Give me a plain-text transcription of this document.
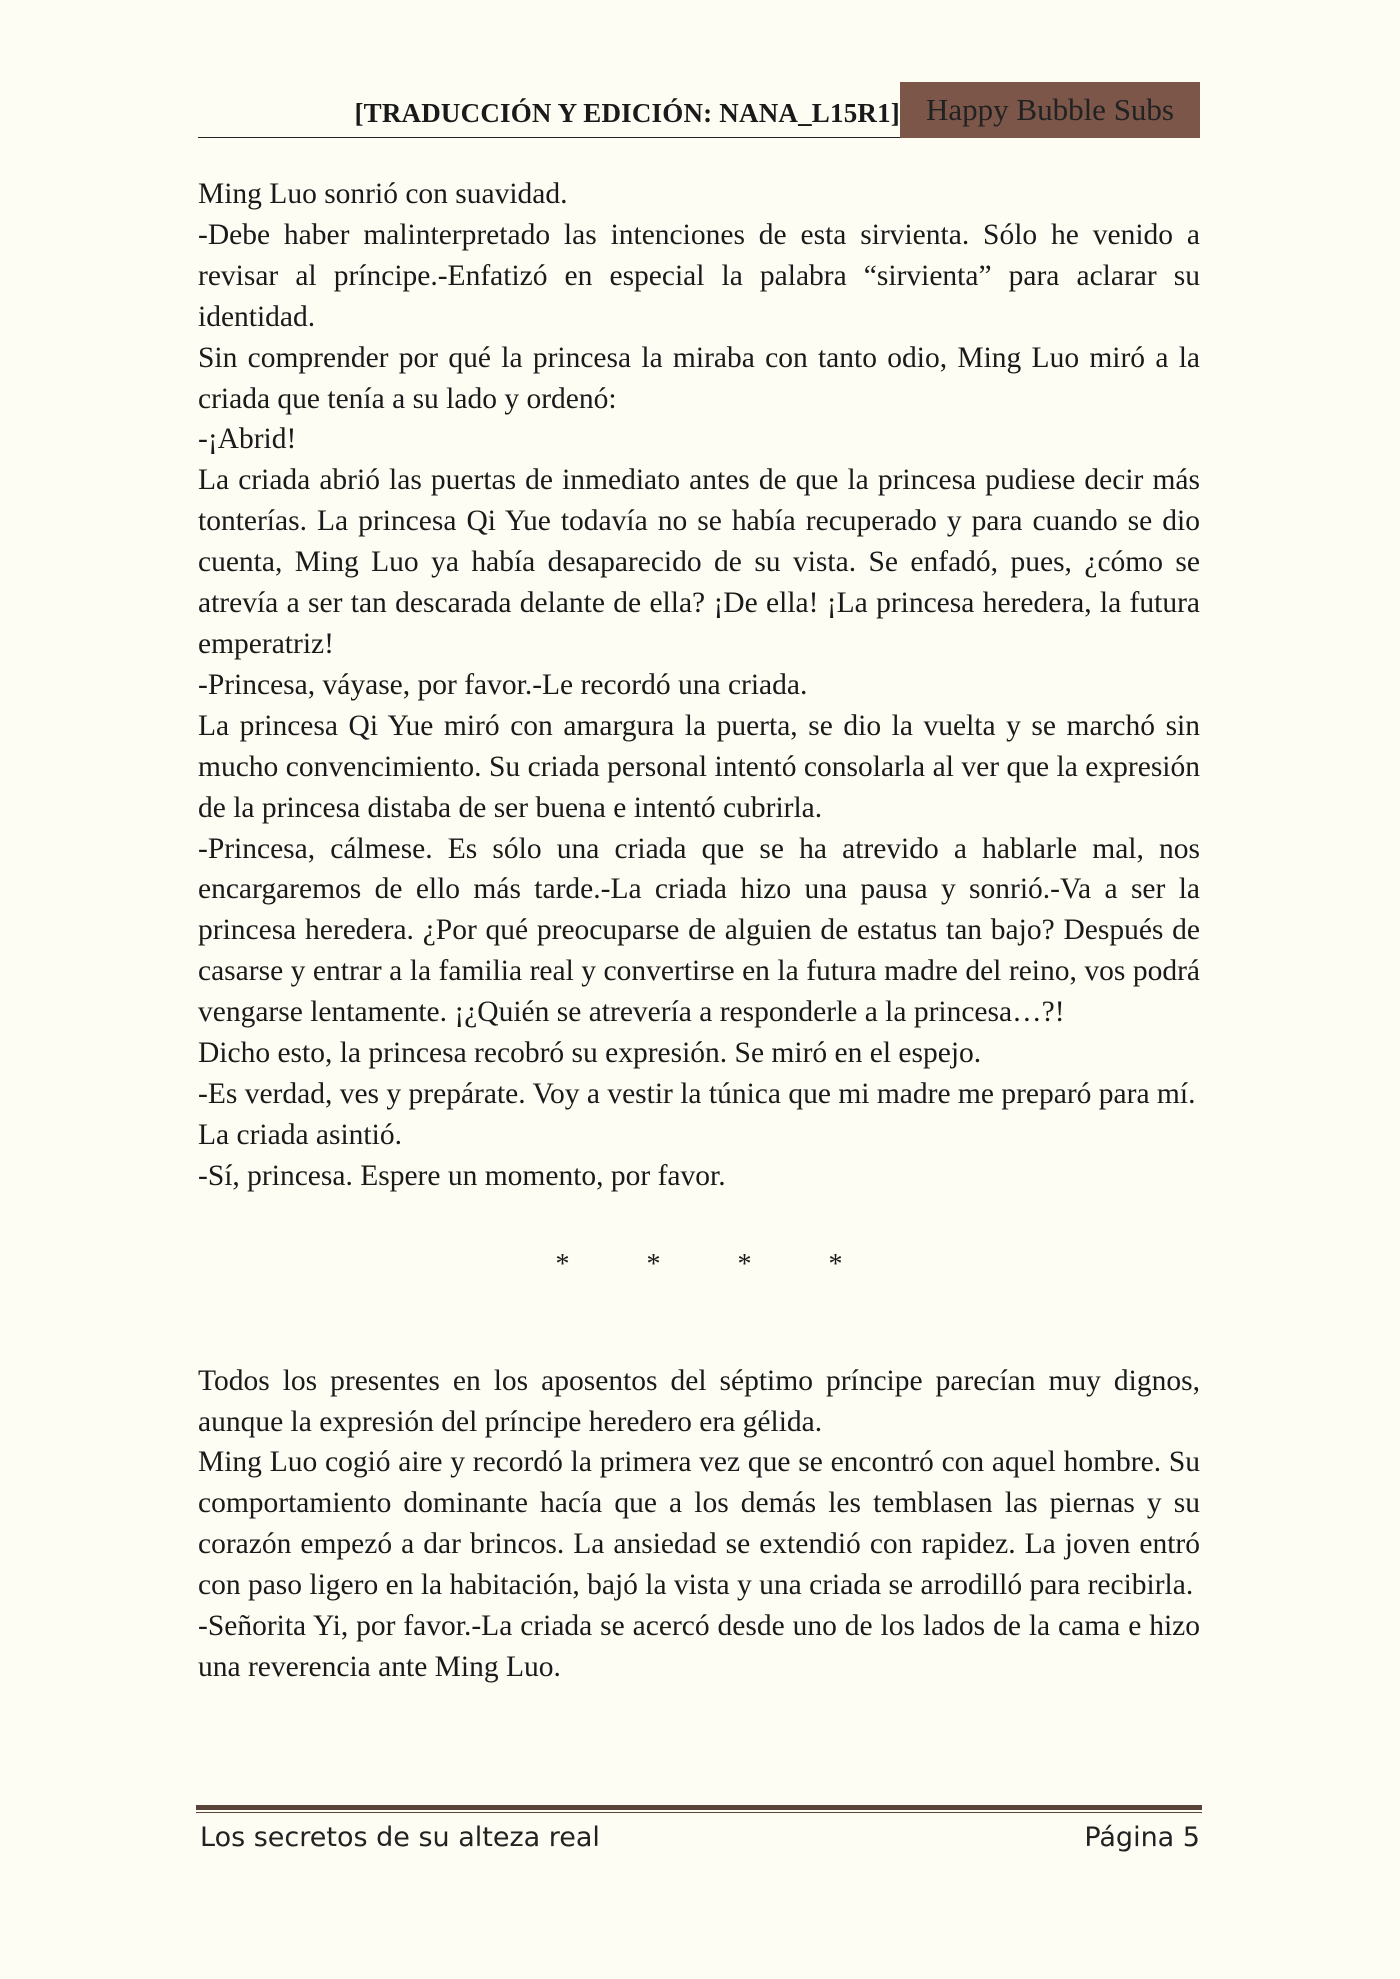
[TRADUCCIÓN Y EDICIÓN: NANA_L15R1] Happy Bubble Subs

Ming Luo sonrió con suavidad.

-Debe haber malinterpretado las intenciones de esta sirvienta. Sólo he venido a revisar al príncipe.-Enfatizó en especial la palabra “sirvienta” para aclarar su identidad.

Sin comprender por qué la princesa la miraba con tanto odio, Ming Luo miró a la criada que tenía a su lado y ordenó:

-¡Abrid!

La criada abrió las puertas de inmediato antes de que la princesa pudiese decir más tonterías. La princesa Qi Yue todavía no se había recuperado y para cuando se dio cuenta, Ming Luo ya había desaparecido de su vista. Se enfadó, pues, ¿cómo se atrevía a ser tan descarada delante de ella? ¡De ella! ¡La princesa heredera, la futura emperatriz!

-Princesa, váyase, por favor.-Le recordó una criada.

La princesa Qi Yue miró con amargura la puerta, se dio la vuelta y se marchó sin mucho convencimiento. Su criada personal intentó consolarla al ver que la expresión de la princesa distaba de ser buena e intentó cubrirla.

-Princesa, cálmese. Es sólo una criada que se ha atrevido a hablarle mal, nos encargaremos de ello más tarde.-La criada hizo una pausa y sonrió.-Va a ser la princesa heredera. ¿Por qué preocuparse de alguien de estatus tan bajo? Después de casarse y entrar a la familia real y convertirse en la futura madre del reino, vos podrá vengarse lentamente. ¡¿Quién se atrevería a responderle a la princesa…?!

Dicho esto, la princesa recobró su expresión. Se miró en el espejo.

-Es verdad, ves y prepárate. Voy a vestir la túnica que mi madre me preparó para mí.

La criada asintió.

-Sí, princesa. Espere un momento, por favor.

*	*	*	*

Todos los presentes en los aposentos del séptimo príncipe parecían muy dignos, aunque la expresión del príncipe heredero era gélida.

Ming Luo cogió aire y recordó la primera vez que se encontró con aquel hombre. Su comportamiento dominante hacía que a los demás les temblasen las piernas y su corazón empezó a dar brincos. La ansiedad se extendió con rapidez. La joven entró con paso ligero en la habitación, bajó la vista y una criada se arrodilló para recibirla.

-Señorita Yi, por favor.-La criada se acercó desde uno de los lados de la cama e hizo una reverencia ante Ming Luo.

Los secretos de su alteza real	Página 5
